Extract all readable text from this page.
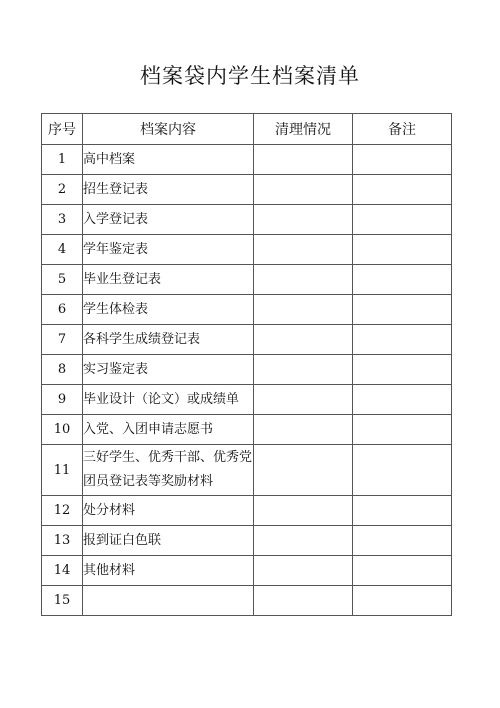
档案袋内学生档案清单
序号	档案内容	清理情况	备注
1	高中档案		
2	招生登记表		
3	入学登记表		
4	学年鉴定表		
5	毕业生登记表		
6	学生体检表		
7	各科学生成绩登记表		
8	实习鉴定表		
9	毕业设计（论文）或成绩单		
10	入党、入团申请志愿书		
11	三好学生、优秀干部、优秀党团员登记表等奖励材料		
12	处分材料		
13	报到证白色联		
14	其他材料		
15			
